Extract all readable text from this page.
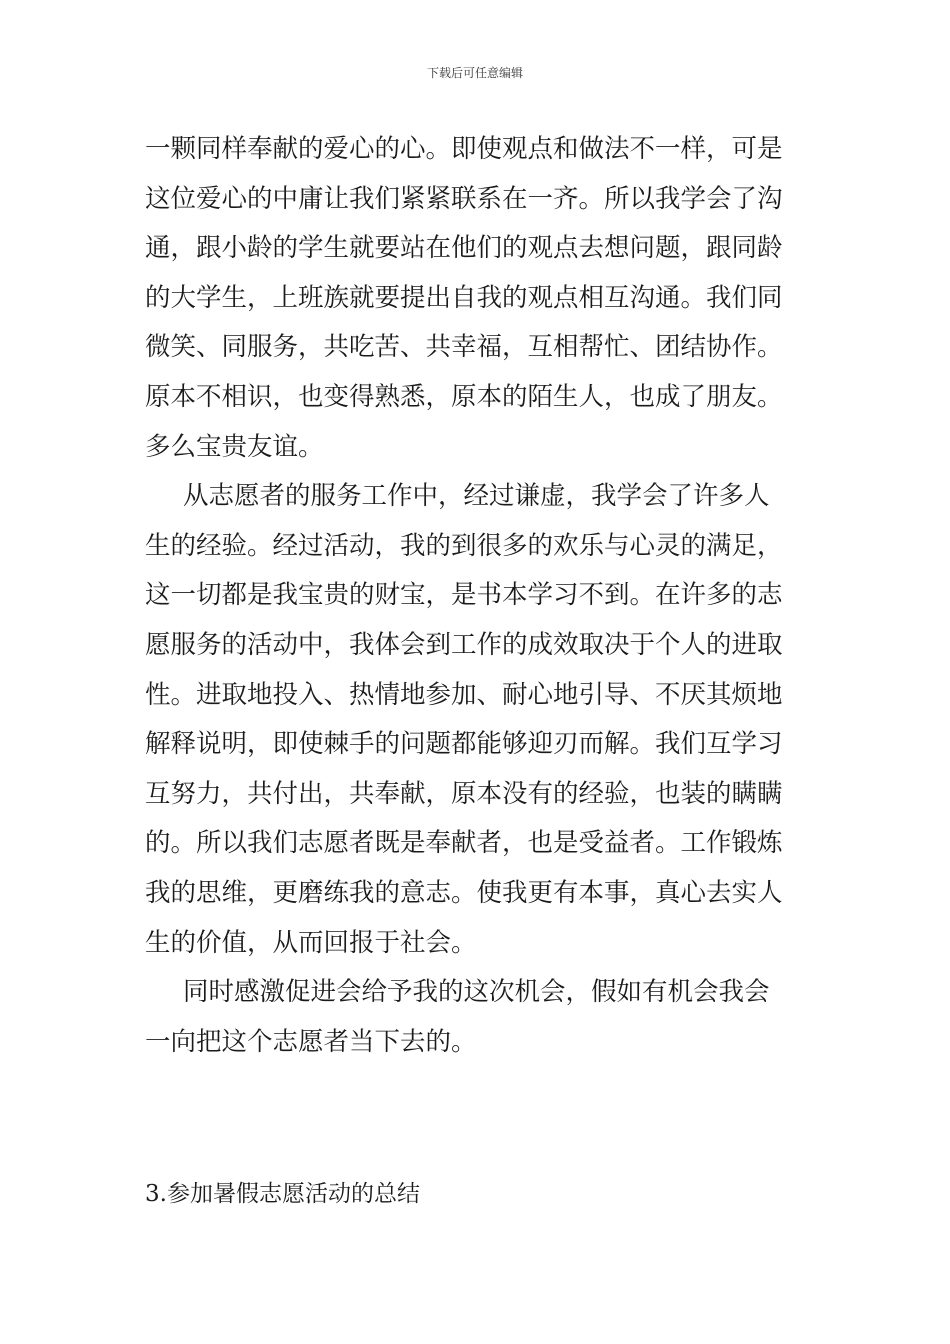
下载后可任意编辑
一颗同样奉献的爱心的心。即使观点和做法不一样，可是
这位爱心的中庸让我们紧紧联系在一齐。所以我学会了沟
通，跟小龄的学生就要站在他们的观点去想问题，跟同龄
的大学生，上班族就要提出自我的观点相互沟通。我们同
微笑、同服务，共吃苦、共幸福，互相帮忙、团结协作。
原本不相识，也变得熟悉，原本的陌生人，也成了朋友。
多么宝贵友谊。
从志愿者的服务工作中，经过谦虚，我学会了许多人
生的经验。经过活动，我的到很多的欢乐与心灵的满足，
这一切都是我宝贵的财宝，是书本学习不到。在许多的志
愿服务的活动中，我体会到工作的成效取决于个人的进取
性。进取地投入、热情地参加、耐心地引导、不厌其烦地
解释说明，即使棘手的问题都能够迎刃而解。我们互学习
互努力，共付出，共奉献，原本没有的经验，也装的瞒瞒
的。所以我们志愿者既是奉献者，也是受益者。工作锻炼
我的思维，更磨练我的意志。使我更有本事，真心去实人
生的价值，从而回报于社会。
同时感激促进会给予我的这次机会，假如有机会我会
一向把这个志愿者当下去的。
3.参加暑假志愿活动的总结
